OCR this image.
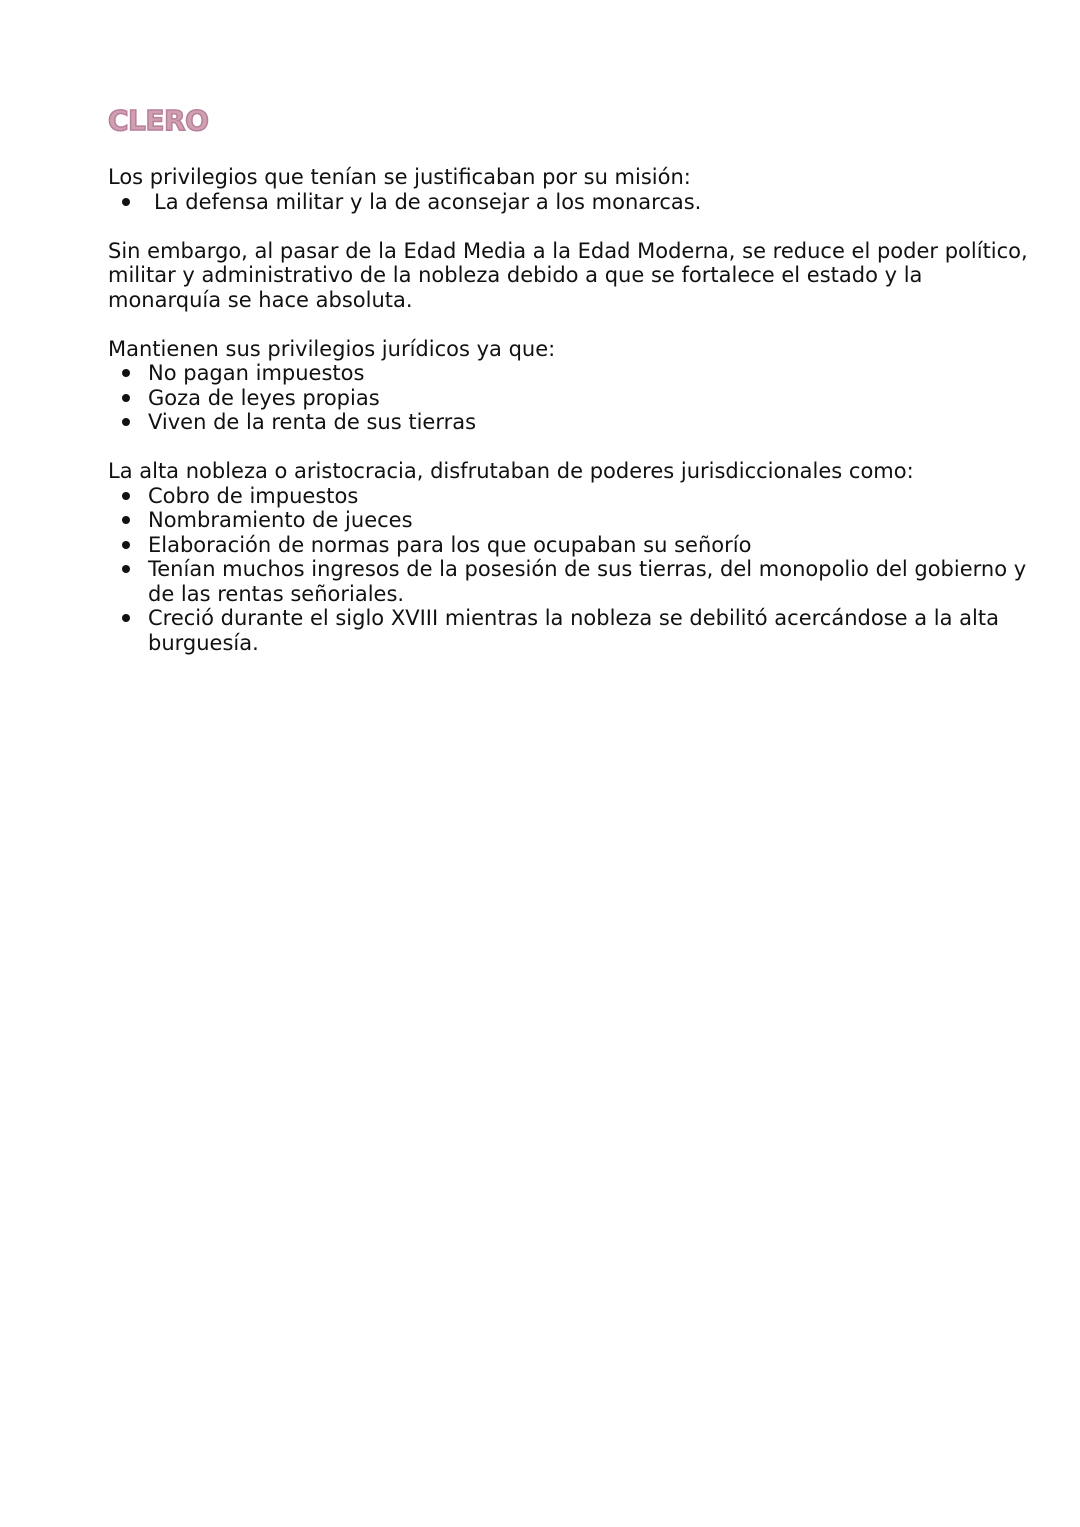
CLERO

Los privilegios que tenían se justificaban por su misión:

La defensa militar y la de aconsejar a los monarcas.

Sin embargo, al pasar de la Edad Media a la Edad Moderna, se reduce el poder político, militar y administrativo de la nobleza debido a que se fortalece el estado y la monarquía se hace absoluta.

Mantienen sus privilegios jurídicos ya que:

No pagan impuestos
Goza de leyes propias
Viven de la renta de sus tierras

La alta nobleza o aristocracia, disfrutaban de poderes jurisdiccionales como:

Cobro de impuestos
Nombramiento de jueces
Elaboración de normas para los que ocupaban su señorío
Tenían muchos ingresos de la posesión de sus tierras, del monopolio del gobierno y de las rentas señoriales.
Creció durante el siglo XVIII mientras la nobleza se debilitó acercándose a la alta burguesía.
